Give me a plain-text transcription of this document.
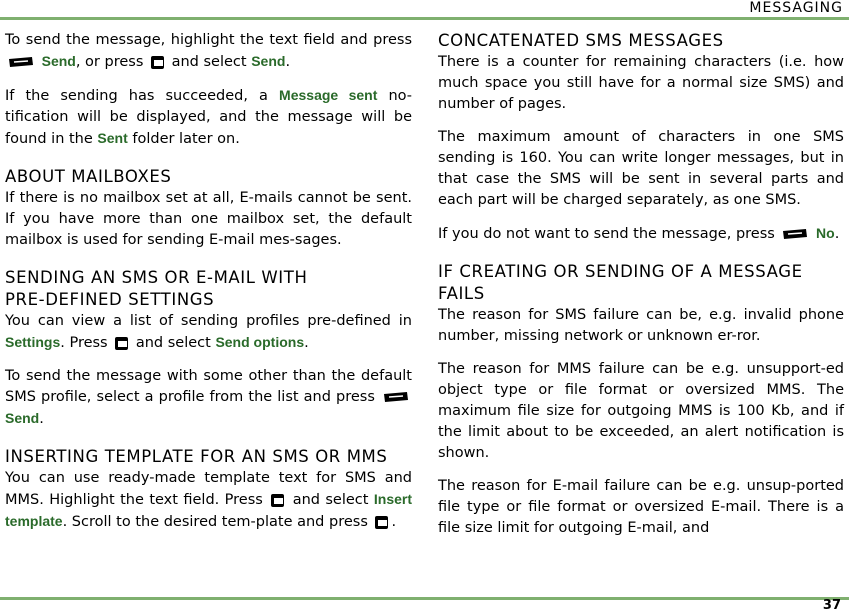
MESSAGING

To send the message, highlight the text field and press
Send, or press and select Send.

If the sending has succeeded, a Message sent no-tification will be displayed, and the message will be found in the Sent folder later on.

ABOUT MAILBOXES

If there is no mailbox set at all, E-mails cannot be sent. If you have more than one mailbox set, the default mailbox is used for sending E-mail mes-sages.

SENDING AN SMS OR E-MAIL WITH
PRE-DEFINED SETTINGS

You can view a list of sending profiles pre-defined in Settings. Press and select Send options.

To send the message with some other than the default SMS profile, select a profile from the list and press
Send.

INSERTING TEMPLATE FOR AN SMS OR MMS

You can use ready-made template text for SMS and MMS. Highlight the text field. Press and select Insert template. Scroll to the desired tem-plate and press .

CONCATENATED SMS MESSAGES

There is a counter for remaining characters (i.e. how much space you still have for a normal size SMS) and number of pages.

The maximum amount of characters in one SMS sending is 160. You can write longer messages, but in that case the SMS will be sent in several parts and each part will be charged separately, as one SMS.

If you do not want to send the message, press	No.

IF CREATING OR SENDING OF A MESSAGE
FAILS

The reason for SMS failure can be, e.g. invalid phone number, missing network or unknown er-ror.

The reason for MMS failure can be e.g. unsupport-ed object type or file format or oversized MMS. The maximum file size for outgoing MMS is 100 Kb, and if the limit about to be exceeded, an alert notification is shown.

The reason for E-mail failure can be e.g. unsup-ported file type or file format or oversized E-mail. There is a file size limit for outgoing E-mail, and

37
